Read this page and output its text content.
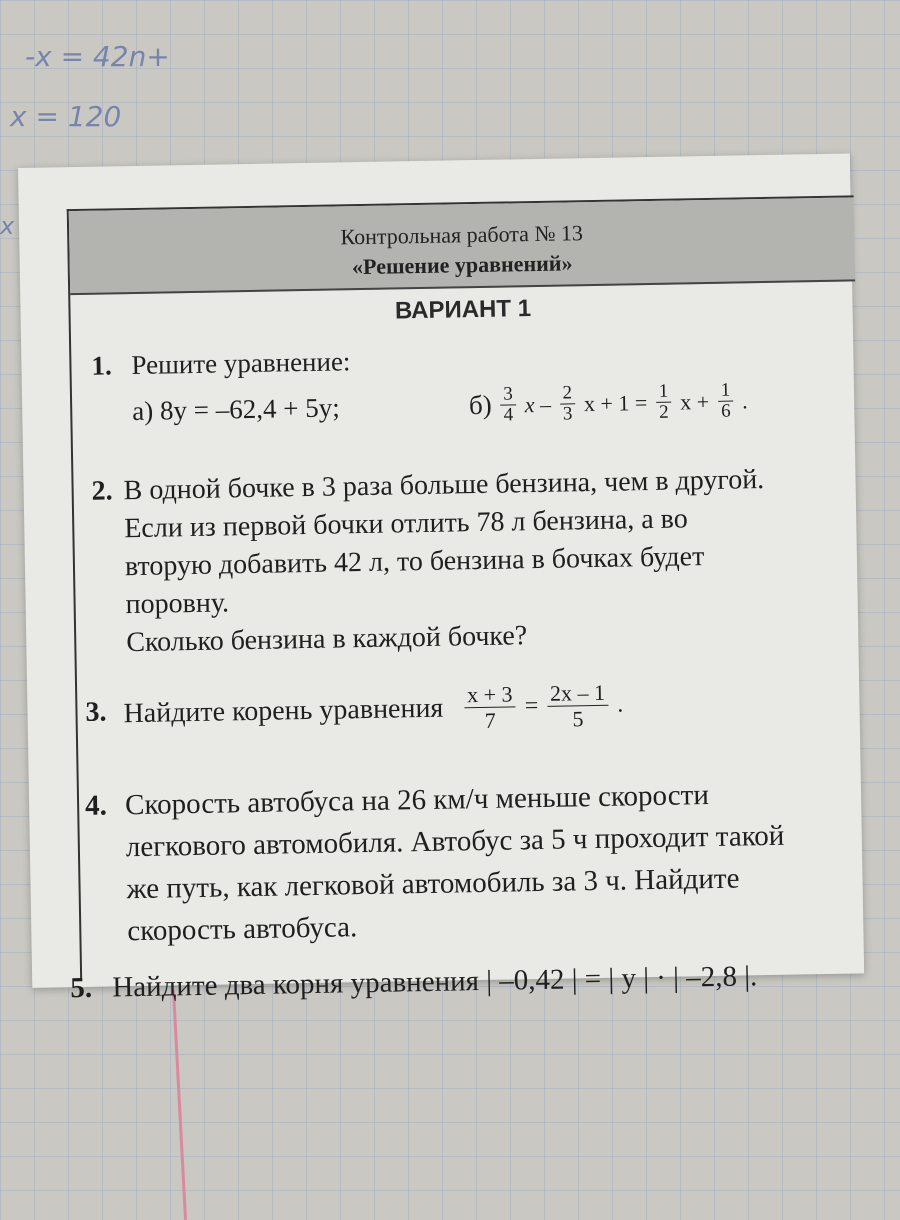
-x = 42n+
x = 120
x	Контрольная работа № 13
«Решение уравнений»
ВАРИАНТ 1
1. Решите уравнение:
а) 8y = –62,4 + 5y;	$б) \frac{3}{4}$ x – $\frac{2}{3}$ $x + 1 = \frac{1}{2}$ $x + \frac{1}{6}$ .
2. В одной бочке в 3 раза больше бензина, чем в другой.
Если из первой бочки отлить 78 л бензина, а во
вторую добавить 42 л, то бензина в бочках будет
поровну.
Сколько бензина в каждой бочке?
3. Найдите корень уравнения $\frac{x + 3}{7} = \frac{2x - 1}{5}$ .
4. Скорость автобуса на 26 км/ч меньше скорости
легкового автомобиля. Автобус за 5 ч проходит такой
же путь, как легковой автомобиль за 3 ч. Найдите
скорость автобуса.
5. Найдите два корня уравнения | –0,42 | = | y | · | –2,8 |.
